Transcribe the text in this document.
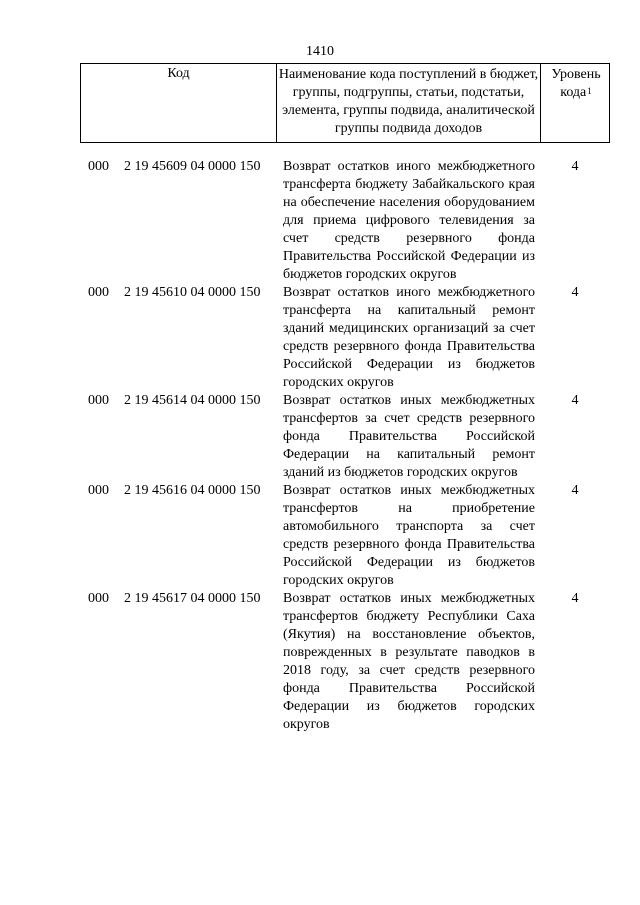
1410
Код	Наименование кода поступлений в бюджет, группы, подгруппы, статьи, подстатьи, элемента, группы подвида, аналитической группы подвида доходов
Уровень
кода$^1$
000 2 19 45609 04 0000 150 Возврат остатков иного межбюджетного трансферта бюджету Забайкальского края на обеспечение населения оборудованием для приема цифрового телевидения за счет средств резервного фонда Правительства Российской Федерации из бюджетов городских округов
4
000 2 19 45610 04 0000 150 Возврат остатков иного межбюджетного трансферта на капитальный ремонт зданий медицинских организаций за счет средств резервного фонда Правительства Российской Федерации из бюджетов городских округов
4
000 2 19 45614 04 0000 150 Возврат остатков иных межбюджетных трансфертов за счет средств резервного фонда Правительства Российской Федерации на капитальный ремонт зданий из бюджетов городских округов
4
000 2 19 45616 04 0000 150 Возврат остатков иных межбюджетных трансфертов на приобретение автомобильного транспорта за счет средств резервного фонда Правительства Российской Федерации из бюджетов городских округов
4
000 2 19 45617 04 0000 150 Возврат остатков иных межбюджетных трансфертов бюджету Республики Саха (Якутия) на восстановление объектов, поврежденных в результате паводков в 2018 году, за счет средств резервного фонда Правительства Российской Федерации из бюджетов городских округов
4
